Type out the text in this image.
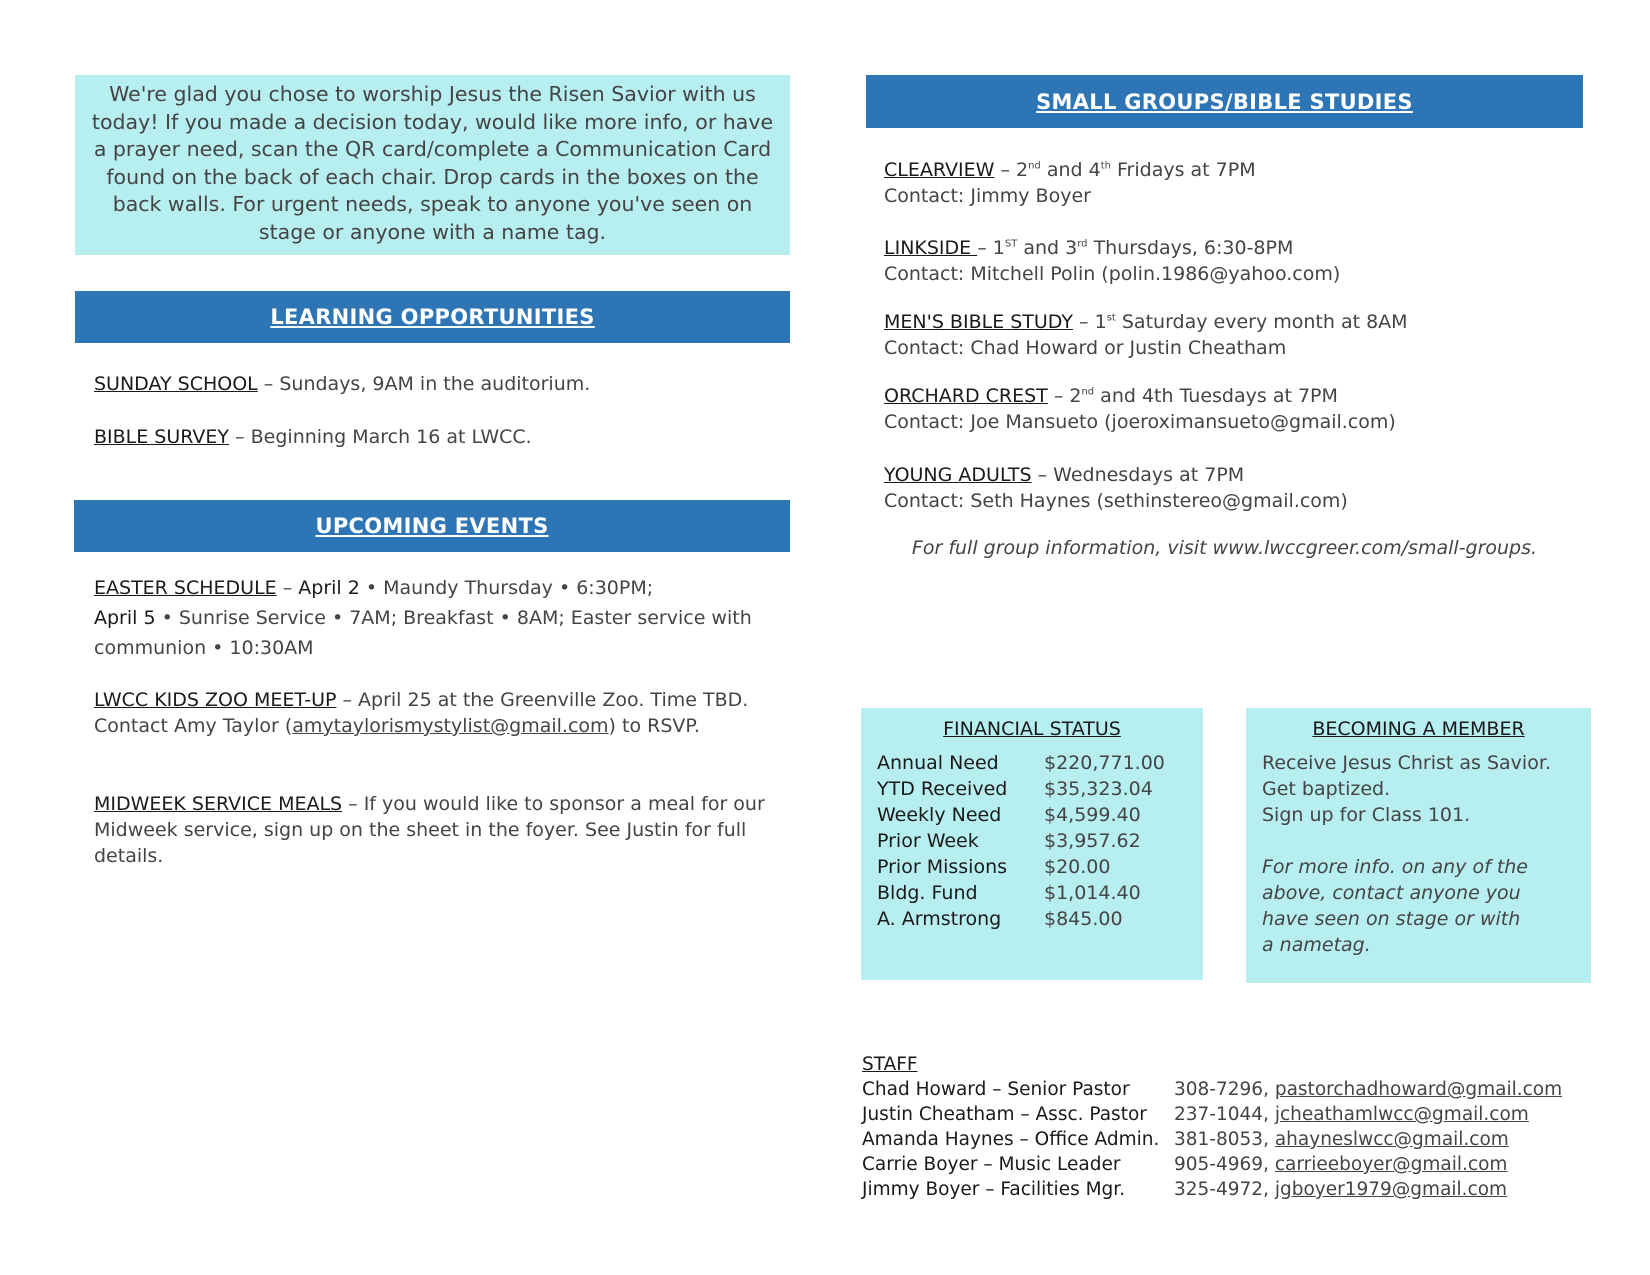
We're glad you chose to worship Jesus the Risen Savior with us today! If you made a decision today, would like more info, or have a prayer need, scan the QR card/complete a Communication Card found on the back of each chair. Drop cards in the boxes on the back walls. For urgent needs, speak to anyone you've seen on stage or anyone with a name tag.
LEARNING OPPORTUNITIES
SUNDAY SCHOOL – Sundays, 9AM in the auditorium.
BIBLE SURVEY – Beginning March 16 at LWCC.
UPCOMING EVENTS
EASTER SCHEDULE – April 2 • Maundy Thursday • 6:30PM;
April 5 • Sunrise Service • 7AM; Breakfast • 8AM; Easter service with communion • 10:30AM
LWCC KIDS ZOO MEET-UP – April 25 at the Greenville Zoo. Time TBD. Contact Amy Taylor (amytaylorismystylist@gmail.com) to RSVP.
MIDWEEK SERVICE MEALS – If you would like to sponsor a meal for our Midweek service, sign up on the sheet in the foyer. See Justin for full details.
SMALL GROUPS/BIBLE STUDIES
CLEARVIEW – 2nd and 4th Fridays at 7PM
Contact: Jimmy Boyer
LINKSIDE – 1ST and 3rd Thursdays, 6:30-8PM
Contact: Mitchell Polin (polin.1986@yahoo.com)
MEN'S BIBLE STUDY – 1st Saturday every month at 8AM
Contact: Chad Howard or Justin Cheatham
ORCHARD CREST – 2nd and 4th Tuesdays at 7PM
Contact: Joe Mansueto (joeroximansueto@gmail.com)
YOUNG ADULTS – Wednesdays at 7PM
Contact: Seth Haynes (sethinstereo@gmail.com)
For full group information, visit www.lwccgreer.com/small-groups.
FINANCIAL STATUS
Annual Need	$220,771.00
YTD Received	$35,323.04
Weekly Need	$4,599.40
Prior Week	$3,957.62
Prior Missions	$20.00
Bldg. Fund	$1,014.40
A. Armstrong	$845.00
BECOMING A MEMBER
Receive Jesus Christ as Savior.
Get baptized.
Sign up for Class 101.
For more info. on any of the
above, contact anyone you
have seen on stage or with
a nametag.
STAFF
Chad Howard – Senior Pastor	308-7296, pastorchadhoward@gmail.com
Justin Cheatham – Assc. Pastor	237-1044, jcheathamlwcc@gmail.com
Amanda Haynes – Office Admin. 381-8053, ahayneslwcc@gmail.com
Carrie Boyer – Music Leader	905-4969, carrieeboyer@gmail.com
Jimmy Boyer – Facilities Mgr.	325-4972, jgboyer1979@gmail.com
